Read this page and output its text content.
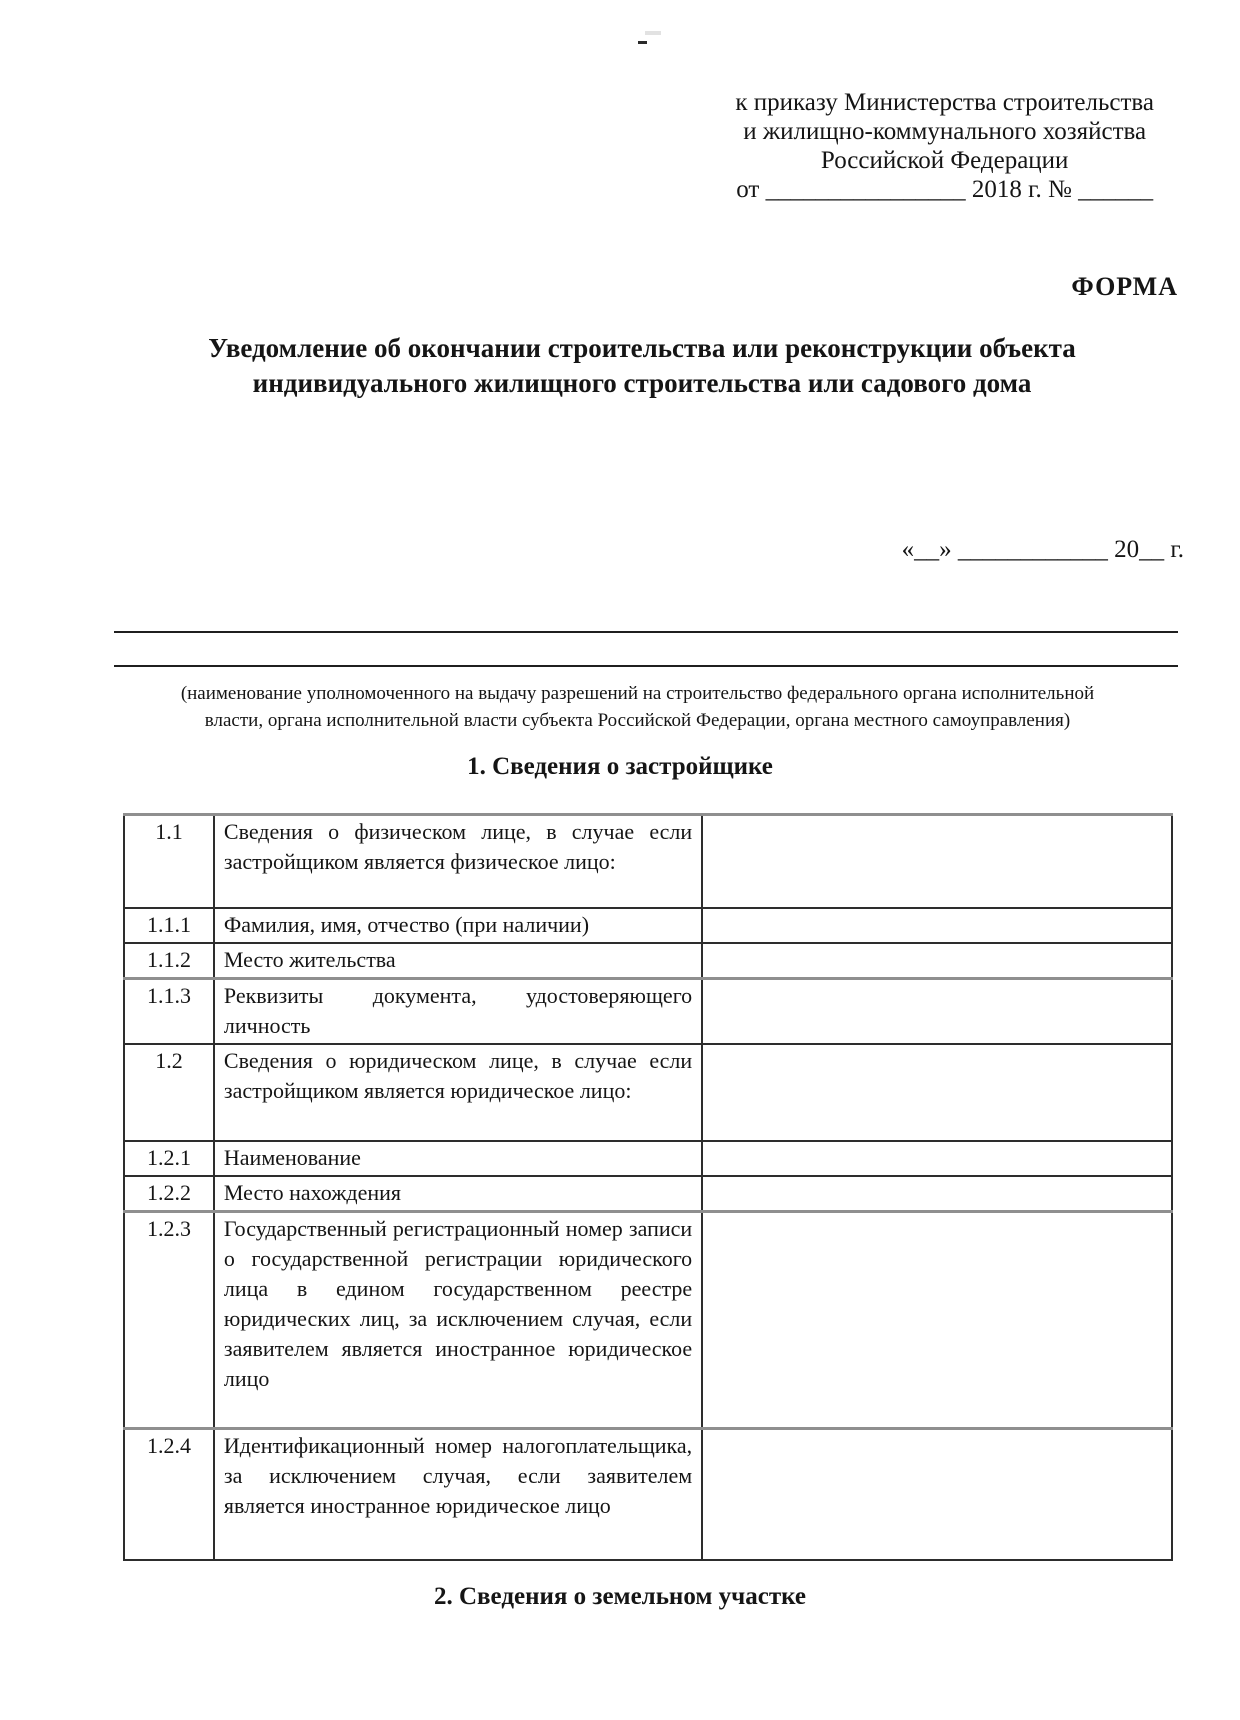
к приказу Министерства строительства
и жилищно-коммунального хозяйства
Российской Федерации
от ________________ 2018 г. № ______
ФОРМА
Уведомление об окончании строительства или реконструкции объекта
индивидуального жилищного строительства или садового дома
«__» ____________ 20__ г.
(наименование уполномоченного на выдачу разрешений на строительство федерального органа исполнительной
власти, органа исполнительной власти субъекта Российской Федерации, органа местного самоуправления)
1. Сведения о застройщике
1.1	Сведения о физическом лице, в случае если застройщиком является физическое лицо:	
1.1.1	Фамилия, имя, отчество (при наличии)	
1.1.2	Место жительства	
1.1.3	Реквизиты документа, удостоверяющего личность	
1.2	Сведения о юридическом лице, в случае если застройщиком является юридическое лицо:	
1.2.1	Наименование	
1.2.2	Место нахождения	
1.2.3	Государственный регистрационный номер записи о государственной регистрации юридического лица в едином государственном реестре юридических лиц, за исключением случая, если заявителем является иностранное юридическое лицо	
1.2.4	Идентификационный номер налогоплательщика, за исключением случая, если заявителем является иностранное юридическое лицо	
2. Сведения о земельном участке
